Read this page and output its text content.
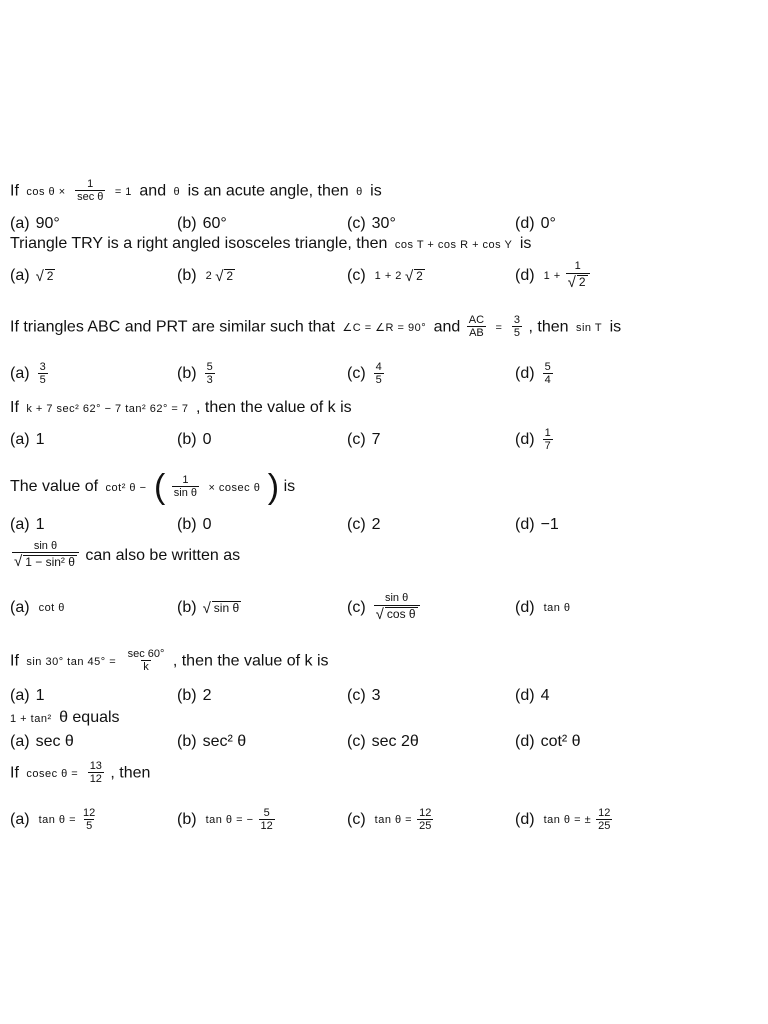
If $\cos \theta \times \frac{1}{\text{sec θ}} = 1$ and θ is an acute angle, then θ is
(a) 90°	(b) 60°	(c) 30°	(d) 0°
Triangle TRY is a right angled isosceles triangle, then cos T + cos R + cos Y is
(a) √ 2	(b) 2 √ 2	(c) 1 + 2 √ 2	(d) $1 + \frac{1}{√ 2}$
If triangles ABC and PRT are similar such that ∠C = ∠R = 90° and $\frac{AC}{AB} = \frac{3}{5}$ , then sin T is
$(a) \frac{3}{5}$	$(b) \frac{5}{3}$	$(c) \frac{4}{5}$	$(d) \frac{5}{4}$
If k + 7 sec² 62° − 7 tan² 62° = 7 , then the value of k is
(a) 1	(b) 0	(c) 7	$(d) \frac{1}{7}$
The value of cot² θ − ( $\frac{1}{\text{sin θ}} \times cosec$ θ ) is
(a) 1	(b) 0	(c) 2	(d) −1
$\frac{\text{sin θ}}{\text{√ 1 − sin² θ}}$ can also be written as
(a) cot θ	(b) √ sin θ	$(c) \frac{\text{sin θ}}{\text{√ cos θ}}$	(d) tan θ
If sin 30° $\tan 45^\circ = \frac{\sec 60^\circ}{k}$ , then the value of k is
(a) 1	(b) 2	(c) 3	(d) 4
1 + tan² θ equals
(a) sec θ	(b) sec² θ	(c) sec 2θ	(d) cot² θ
If cosec $\theta = \frac{13}{12}$ , then
(a) $\tan \theta = \frac{12}{5}$	(b) tan θ = − $\frac{5}{12}$	(c) $\tan \theta = \frac{12}{25}$	(d) tan θ = ± $\frac{12}{25}$
